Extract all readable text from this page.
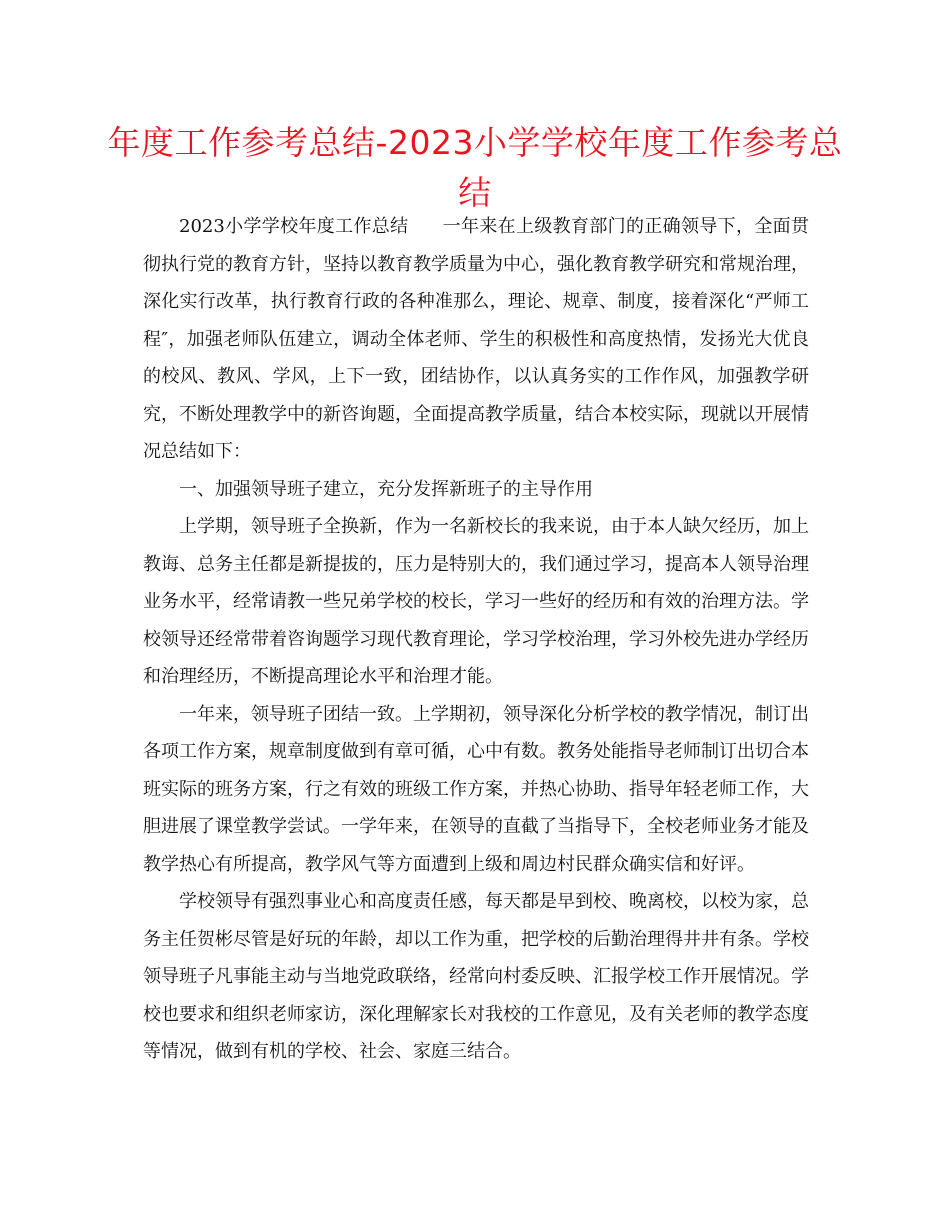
年度工作参考总结-2023小学学校年度工作参考总结

2023小学学校年度工作总结 一年来在上级教育部门的正确领导下，全面贯彻执行党的教育方针，坚持以教育教学质量为中心，强化教育教学研究和常规治理，深化实行改革，执行教育行政的各种准那么，理论、规章、制度，接着深化“严师工程″，加强老师队伍建立，调动全体老师、学生的积极性和高度热情，发扬光大优良的校风、教风、学风，上下一致，团结协作，以认真务实的工作作风，加强教学研究，不断处理教学中的新咨询题，全面提高教学质量，结合本校实际，现就以开展情况总结如下：

一、加强领导班子建立，充分发挥新班子的主导作用

上学期，领导班子全换新，作为一名新校长的我来说，由于本人缺欠经历，加上教诲、总务主任都是新提拔的，压力是特别大的，我们通过学习，提高本人领导治理业务水平，经常请教一些兄弟学校的校长，学习一些好的经历和有效的治理方法。学校领导还经常带着咨询题学习现代教育理论，学习学校治理，学习外校先进办学经历和治理经历，不断提高理论水平和治理才能。

一年来，领导班子团结一致。上学期初，领导深化分析学校的教学情况，制订出各项工作方案，规章制度做到有章可循，心中有数。教务处能指导老师制订出切合本班实际的班务方案，行之有效的班级工作方案，并热心协助、指导年轻老师工作，大胆进展了课堂教学尝试。一学年来，在领导的直截了当指导下，全校老师业务才能及教学热心有所提高，教学风气等方面遭到上级和周边村民群众确实信和好评。

学校领导有强烈事业心和高度责任感，每天都是早到校、晚离校，以校为家，总务主任贺彬尽管是好玩的年龄，却以工作为重，把学校的后勤治理得井井有条。学校领导班子凡事能主动与当地党政联络，经常向村委反映、汇报学校工作开展情况。学校也要求和组织老师家访，深化理解家长对我校的工作意见，及有关老师的教学态度等情况，做到有机的学校、社会、家庭三结合。
